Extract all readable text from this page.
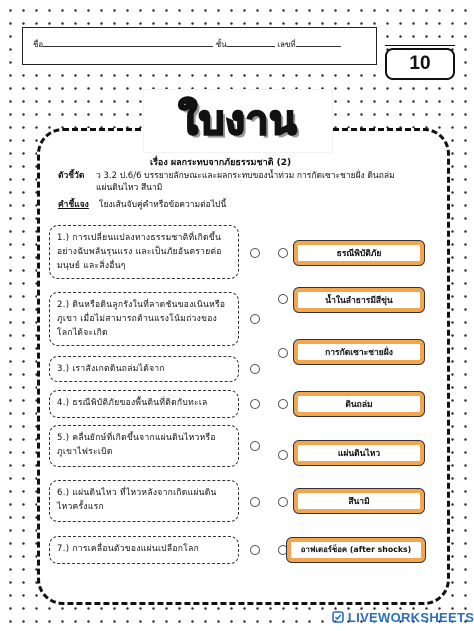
ชื่อ	ชั้น	เลขที่
10
ใบงาน
เรื่อง ผลกระทบจากภัยธรรมชาติ (2)
ตัวชี้วัด ว 3.2 ป.6/6 บรรยายลักษณะและผลกระทบของน้ำท่วม การกัดเซาะชายฝั่ง ดินถล่ม
แผ่นดินไหว สึนามิ
คำชี้แจง โยงเส้นจับคู่คำหรือข้อความต่อไปนี้
1.) การเปลี่ยนแปลงทางธรรมชาติที่เกิดขึ้นอย่างฉับพลันรุนแรง และเป็นภัยอันตรายต่อมนุษย์ และสิ่งอื่นๆ
2.) ดินหรือดินลูกรังในที่ลาดชันของเนินหรือภูเขา เมื่อไม่สามารถต้านแรงโน้มถ่วงของโลกได้จะเกิด
3.) เราสังเกตดินถล่มได้จาก
4.) ธรณีพิบัติภัยของพื้นดินที่ติดกับทะเล
5.) คลื่นยักษ์ที่เกิดขึ้นจากแผ่นดินไหวหรือภูเขาไฟระเบิด
6.) แผ่นดินไหว ที่ไหวหลังจากเกิดแผ่นดินไหวครั้งแรก
7.) การเคลื่อนตัวของแผ่นเปลือกโลก
ธรณีพิบัติภัย
น้ำในลำธารมีสีขุ่น
การกัดเซาะชายฝั่ง
ดินถล่ม
แผ่นดินไหว
สึนามิ
อาฟเตอร์ช็อค (after shocks)
LIVEWORKSHEETS
